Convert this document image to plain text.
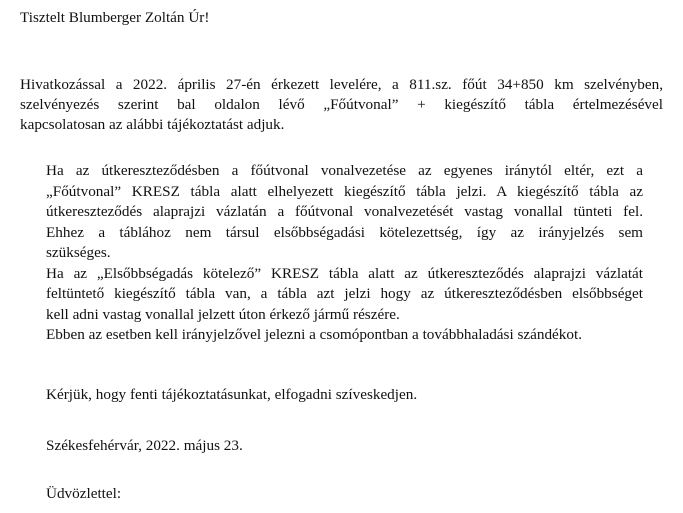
Tisztelt Blumberger Zoltán Úr!
Hivatkozással a 2022. április 27-én érkezett levelére, a 811.sz. főút 34+850 km szelvényben,
szelvényezés szerint bal oldalon lévő „Főútvonal” + kiegészítő tábla értelmezésével
kapcsolatosan az alábbi tájékoztatást adjuk.
Ha az útkereszteződésben a főútvonal vonalvezetése az egyenes iránytól eltér, ezt a
„Főútvonal” KRESZ tábla alatt elhelyezett kiegészítő tábla jelzi. A kiegészítő tábla az
útkereszteződés alaprajzi vázlatán a főútvonal vonalvezetését vastag vonallal tünteti fel.
Ehhez a táblához nem társul elsőbbségadási kötelezettség, így az irányjelzés sem
szükséges.
Ha az „Elsőbbségadás kötelező” KRESZ tábla alatt az útkereszteződés alaprajzi vázlatát
feltüntető kiegészítő tábla van, a tábla azt jelzi hogy az útkereszteződésben elsőbbséget
kell adni vastag vonallal jelzett úton érkező jármű részére.
Ebben az esetben kell irányjelzővel jelezni a csomópontban a továbbhaladási szándékot.
Kérjük, hogy fenti tájékoztatásunkat, elfogadni szíveskedjen.
Székesfehérvár, 2022. május 23.
Üdvözlettel:
